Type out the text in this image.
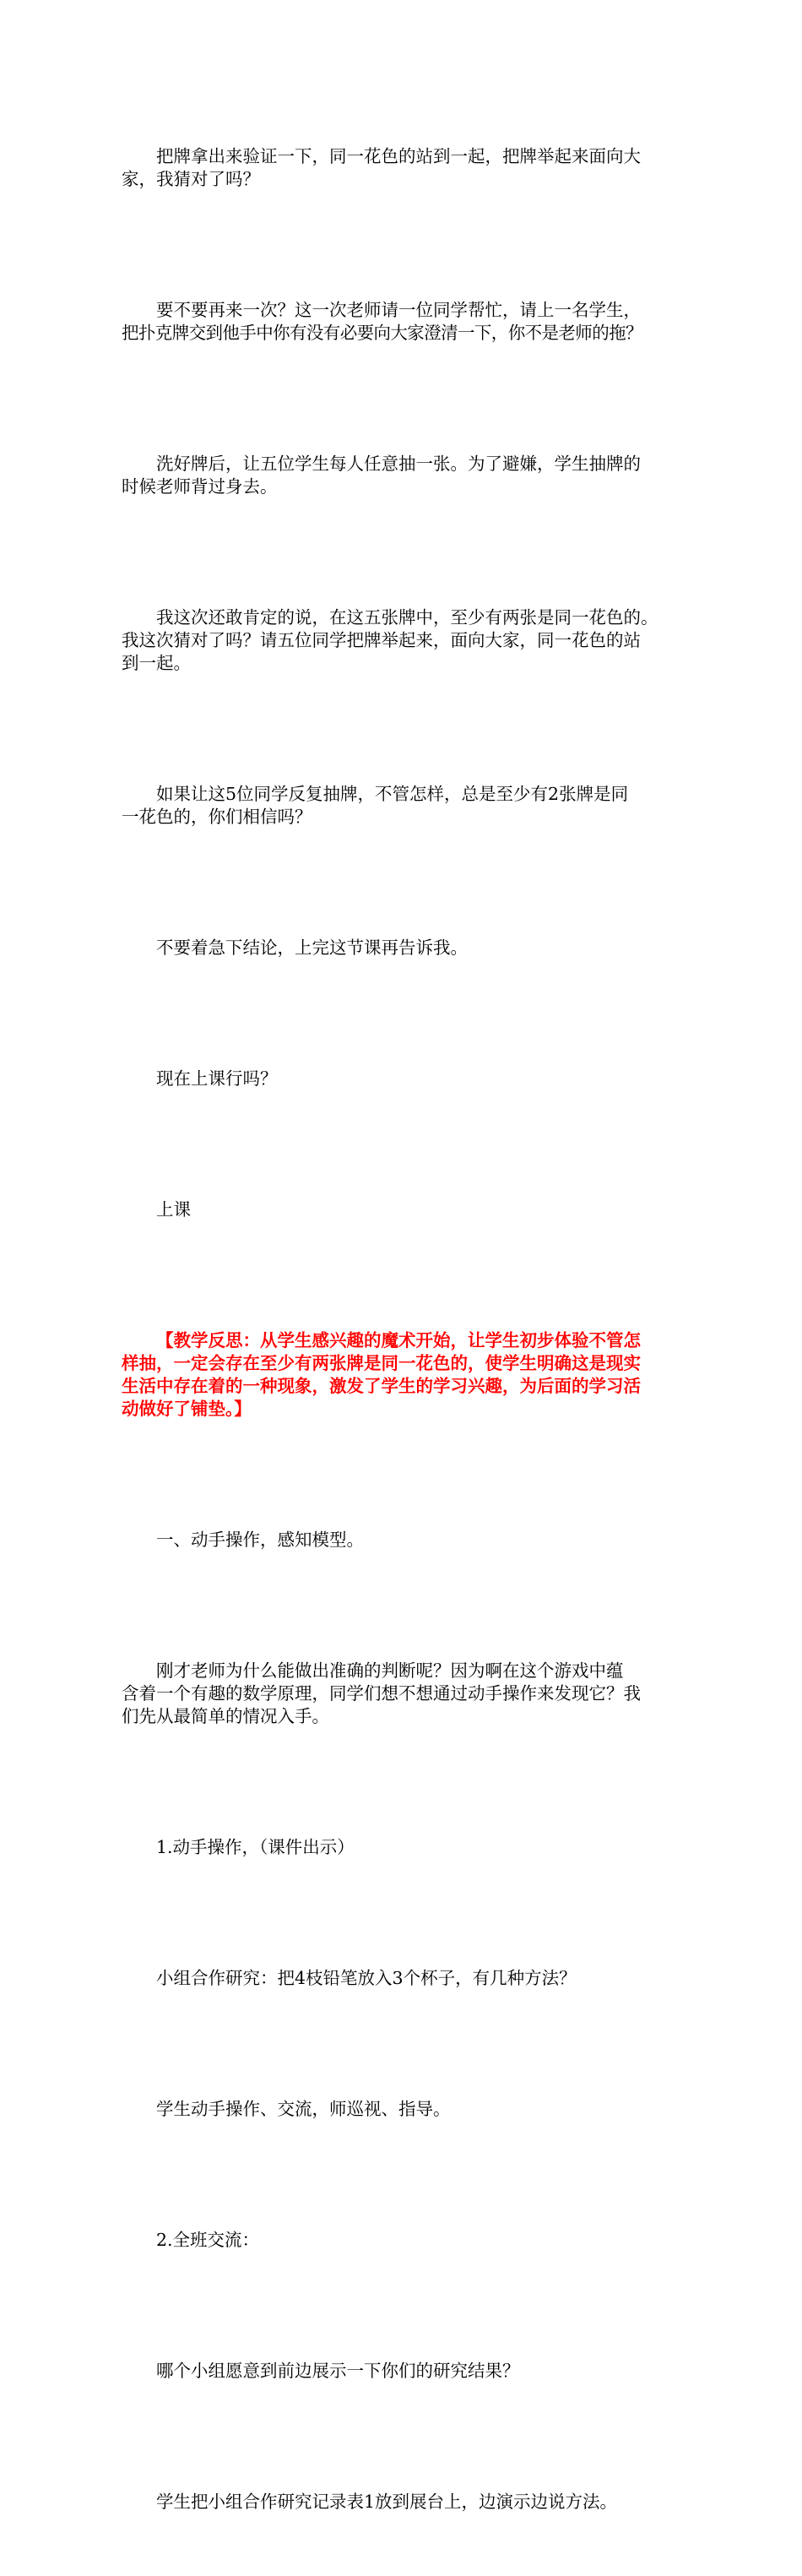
把牌拿出来验证一下，同一花色的站到一起，把牌举起来面向大
家，我猜对了吗？

要不要再来一次？这一次老师请一位同学帮忙，请上一名学生，
把扑克牌交到他手中你有没有必要向大家澄清一下，你不是老师的拖？

洗好牌后，让五位学生每人任意抽一张。为了避嫌，学生抽牌的
时候老师背过身去。

我这次还敢肯定的说，在这五张牌中，至少有两张是同一花色的。
我这次猜对了吗？请五位同学把牌举起来，面向大家，同一花色的站
到一起。

如果让这5位同学反复抽牌，不管怎样，总是至少有2张牌是同
一花色的，你们相信吗？

不要着急下结论，上完这节课再告诉我。

现在上课行吗？

上课

【教学反思：从学生感兴趣的魔术开始，让学生初步体验不管怎
样抽，一定会存在至少有两张牌是同一花色的，使学生明确这是现实
生活中存在着的一种现象，激发了学生的学习兴趣，为后面的学习活
动做好了铺垫。】

一、动手操作，感知模型。

刚才老师为什么能做出准确的判断呢？因为啊在这个游戏中蕴
含着一个有趣的数学原理，同学们想不想通过动手操作来发现它？我
们先从最简单的情况入手。

1.动手操作，（课件出示）

小组合作研究：把4枝铅笔放入3个杯子，有几种方法？

学生动手操作、交流，师巡视、指导。

2.全班交流：

哪个小组愿意到前边展示一下你们的研究结果？

学生把小组合作研究记录表1放到展台上，边演示边说方法。
